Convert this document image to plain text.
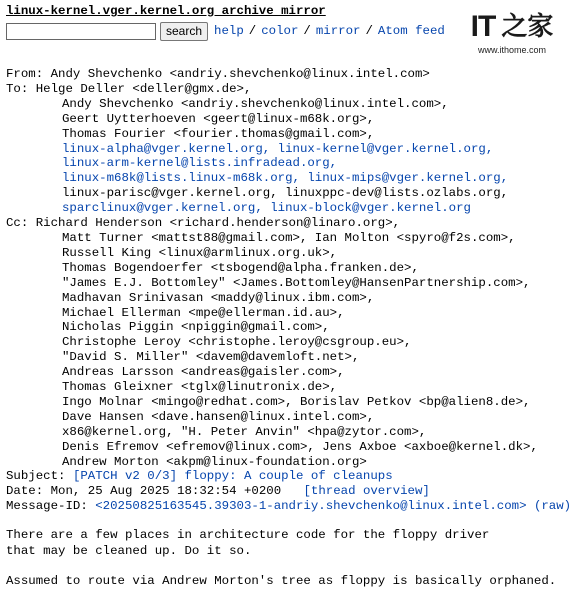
linux-kernel.vger.kernel.org archive mirror
search help / color / mirror / Atom feed IT 之家
www.ithome.com
From: Andy Shevchenko <andriy.shevchenko@linux.intel.com>
To: Helge Deller <deller@gmx.de>,
Andy Shevchenko <andriy.shevchenko@linux.intel.com>,
Geert Uytterhoeven <geert@linux-m68k.org>,
Thomas Fourier <fourier.thomas@gmail.com>,
linux-alpha@vger.kernel.org, linux-kernel@vger.kernel.org,
linux-arm-kernel@lists.infradead.org,
linux-m68k@lists.linux-m68k.org, linux-mips@vger.kernel.org,
linux-parisc@vger.kernel.org, linuxppc-dev@lists.ozlabs.org,
sparclinux@vger.kernel.org, linux-block@vger.kernel.org
Cc: Richard Henderson <richard.henderson@linaro.org>,
Matt Turner <mattst88@gmail.com>, Ian Molton <spyro@f2s.com>,
Russell King <linux@armlinux.org.uk>,
Thomas Bogendoerfer <tsbogend@alpha.franken.de>,
"James E.J. Bottomley" <James.Bottomley@HansenPartnership.com>,
Madhavan Srinivasan <maddy@linux.ibm.com>,
Michael Ellerman <mpe@ellerman.id.au>,
Nicholas Piggin <npiggin@gmail.com>,
Christophe Leroy <christophe.leroy@csgroup.eu>,
"David S. Miller" <davem@davemloft.net>,
Andreas Larsson <andreas@gaisler.com>,
Thomas Gleixner <tglx@linutronix.de>,
Ingo Molnar <mingo@redhat.com>, Borislav Petkov <bp@alien8.de>,
Dave Hansen <dave.hansen@linux.intel.com>,
x86@kernel.org, "H. Peter Anvin" <hpa@zytor.com>,
Denis Efremov <efremov@linux.com>, Jens Axboe <axboe@kernel.dk>,
Andrew Morton <akpm@linux-foundation.org>
Subject: [PATCH v2 0/3] floppy: A couple of cleanups
Date: Mon, 25 Aug 2025 18:32:54 +0200 [thread overview]
Message-ID: <20250825163545.39303-1-andriy.shevchenko@linux.intel.com> (raw)
There are a few places in architecture code for the floppy driver
that may be cleaned up. Do it so.
Assumed to route via Andrew Morton's tree as floppy is basically orphaned.
